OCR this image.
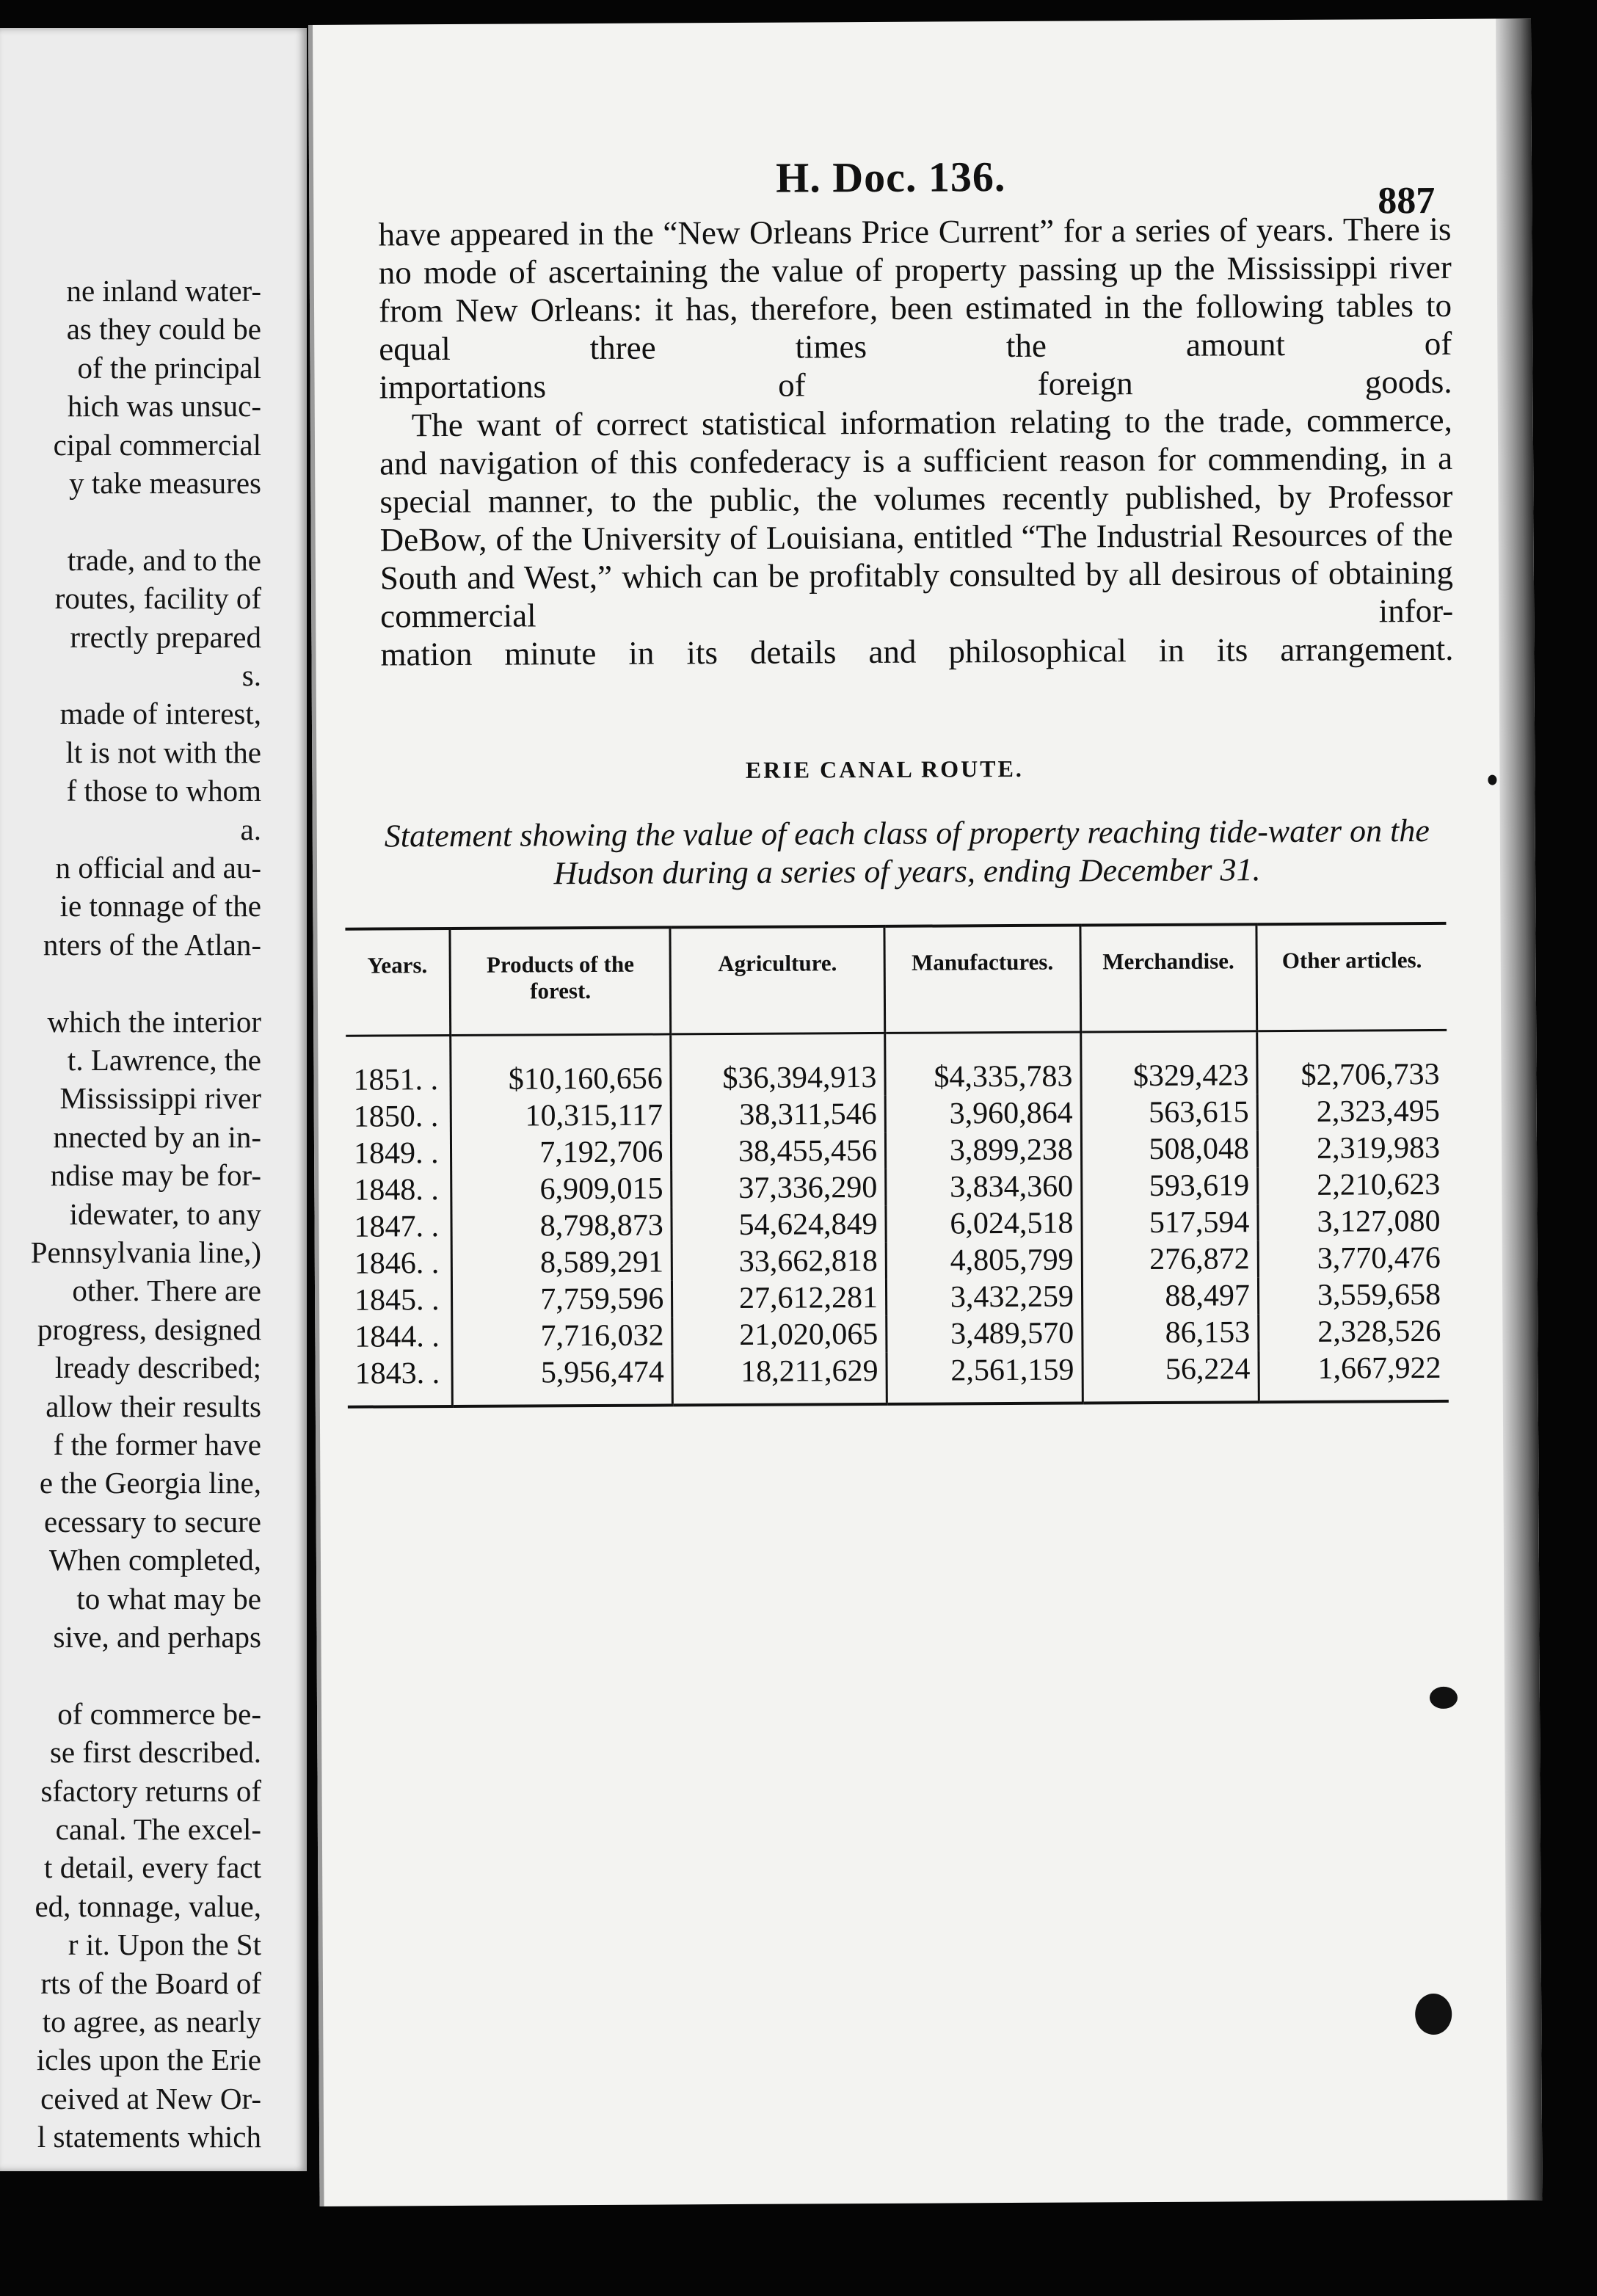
ne inland water-
as they could be
of the principal
hich was unsuc-
cipal commercial
y take measures
trade, and to the
routes, facility of
rrectly prepared
s.
made of interest,
lt is not with the
f those to whom
a.
n official and au-
ie tonnage of the
nters of the Atlan-
which the interior
t. Lawrence, the
Mississippi river
nnected by an in-
ndise may be for-
idewater, to any
Pennsylvania line,)
other. There are
progress, designed
lready described;
allow their results
f the former have
e the Georgia line,
ecessary to secure
When completed,
to what may be
sive, and perhaps
of commerce be-
se first described.
sfactory returns of
canal. The excel-
t detail, every fact
ed, tonnage, value,
r it. Upon the St
rts of the Board of
to agree, as nearly
icles upon the Erie
ceived at New Or-
l statements which
H. Doc. 136.	887

have appeared in the “New Orleans Price Current” for a series of years. There is no mode of ascertaining the value of property passing up the Mississippi river from New Orleans: it has, therefore, been estimated in the following tables to equal three times the amount of
importations of foreign goods.

The want of correct statistical information relating to the trade, commerce, and navigation of this confederacy is a sufficient reason for commending, in a special manner, to the public, the volumes recently published, by Professor DeBow, of the University of Louisiana, entitled “The Industrial Resources of the South and West,” which can be profitably consulted by all desirous of obtaining commercial infor-
mation minute in its details and philosophical in its arrangement.

ERIE CANAL ROUTE.
Statement showing the value of each class of property reaching tide-water on the Hudson during a series of years, ending December 31.
Years.	Products of the forest.	Agriculture.	Manufactures.	Merchandise.	Other articles.
1851. .	$10,160,656	$36,394,913	$4,335,783	$329,423	$2,706,733
1850. .	10,315,117	38,311,546	3,960,864	563,615	2,323,495
1849. .	7,192,706	38,455,456	3,899,238	508,048	2,319,983
1848. .	6,909,015	37,336,290	3,834,360	593,619	2,210,623
1847. .	8,798,873	54,624,849	6,024,518	517,594	3,127,080
1846. .	8,589,291	33,662,818	4,805,799	276,872	3,770,476
1845. .	7,759,596	27,612,281	3,432,259	88,497	3,559,658
1844. .	7,716,032	21,020,065	3,489,570	86,153	2,328,526
1843. .	5,956,474	18,211,629	2,561,159	56,224	1,667,922
